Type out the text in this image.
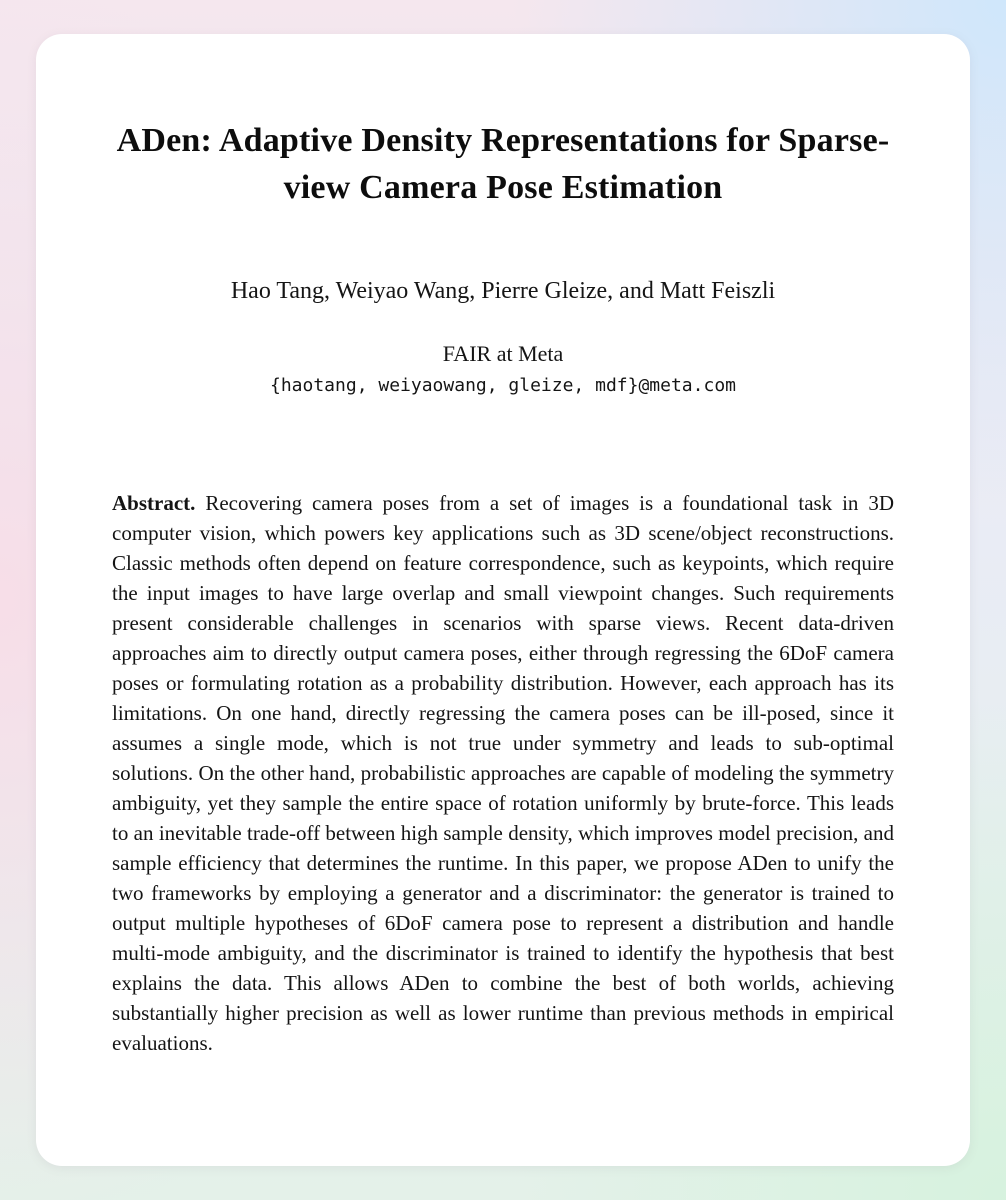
ADen: Adaptive Density Representations for Sparse-view Camera Pose Estimation
Hao Tang, Weiyao Wang, Pierre Gleize, and Matt Feiszli
FAIR at Meta
{haotang, weiyaowang, gleize, mdf}@meta.com

Abstract. Recovering camera poses from a set of images is a foundational task in 3D computer vision, which powers key applications such as 3D scene/object reconstructions. Classic methods often depend on feature correspondence, such as keypoints, which require the input images to have large overlap and small viewpoint changes. Such requirements present considerable challenges in scenarios with sparse views. Recent data-driven approaches aim to directly output camera poses, either through regressing the 6DoF camera poses or formulating rotation as a probability distribution. However, each approach has its limitations. On one hand, directly regressing the camera poses can be ill-posed, since it assumes a single mode, which is not true under symmetry and leads to sub-optimal solutions. On the other hand, probabilistic approaches are capable of modeling the symmetry ambiguity, yet they sample the entire space of rotation uniformly by brute-force. This leads to an inevitable trade-off between high sample density, which improves model precision, and sample efficiency that determines the runtime. In this paper, we propose ADen to unify the two frameworks by employing a generator and a discriminator: the generator is trained to output multiple hypotheses of 6DoF camera pose to represent a distribution and handle multi-mode ambiguity, and the discriminator is trained to identify the hypothesis that best explains the data. This allows ADen to combine the best of both worlds, achieving substantially higher precision as well as lower runtime than previous methods in empirical evaluations.
